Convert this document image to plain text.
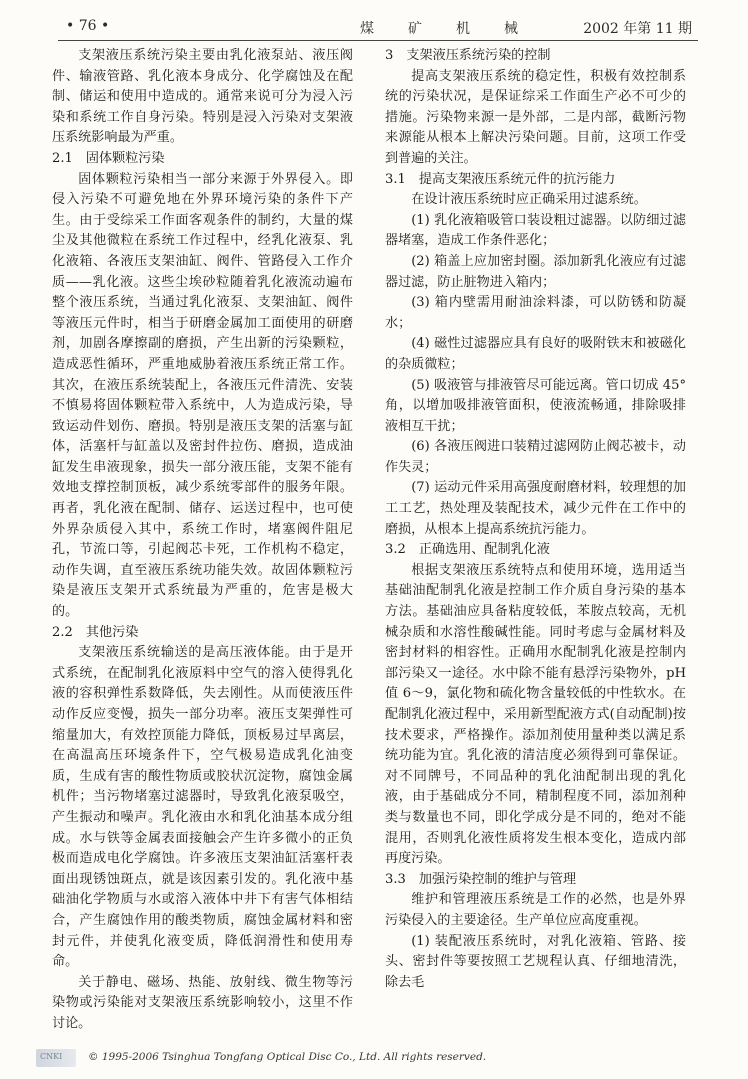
• 76 •	煤矿机械 2002 年第 11 期

支架液压系统污染主要由乳化液泵站、液压阀件、输液管路、乳化液本身成分、化学腐蚀及在配制、储运和使用中造成的。通常来说可分为浸入污染和系统工作自身污染。特别是浸入污染对支架液压系统影响最为严重。

2.1　固体颗粒污染

固体颗粒污染相当一部分来源于外界侵入。即侵入污染不可避免地在外界环境污染的条件下产生。由于受综采工作面客观条件的制约，大量的煤尘及其他微粒在系统工作过程中，经乳化液泵、乳化液箱、各液压支架油缸、阀件、管路侵入工作介质——乳化液。这些尘埃砂粒随着乳化液流动遍布整个液压系统，当通过乳化液泵、支架油缸、阀件等液压元件时，相当于研磨金属加工面使用的研磨剂，加剧各摩擦副的磨损，产生出新的污染颗粒，造成恶性循环，严重地威胁着液压系统正常工作。其次，在液压系统装配上，各液压元件清洗、安装不慎易将固体颗粒带入系统中，人为造成污染，导致运动件划伤、磨损。特别是液压支架的活塞与缸体，活塞杆与缸盖以及密封件拉伤、磨损，造成油缸发生串液现象，损失一部分液压能，支架不能有效地支撑控制顶板，减少系统零部件的服务年限。再者，乳化液在配制、储存、运送过程中，也可使外界杂质侵入其中，系统工作时，堵塞阀件阻尼孔，节流口等，引起阀芯卡死，工作机构不稳定，动作失调，直至液压系统功能失效。故固体颗粒污染是液压支架开式系统最为严重的，危害是极大的。

2.2　其他污染

支架液压系统输送的是高压液体能。由于是开式系统，在配制乳化液原料中空气的溶入使得乳化液的容积弹性系数降低，失去刚性。从而使液压件动作反应变慢，损失一部分功率。液压支架弹性可缩量加大，有效控顶能力降低，顶板易过早离层，在高温高压环境条件下，空气极易造成乳化油变质，生成有害的酸性物质或胶状沉淀物，腐蚀金属机件；当污物堵塞过滤器时，导致乳化液泵吸空，产生振动和噪声。乳化液由水和乳化油基本成分组成。水与铁等金属表面接触会产生许多微小的正负极而造成电化学腐蚀。许多液压支架油缸活塞杆表面出现锈蚀斑点，就是该因素引发的。乳化液中基础油化学物质与水或溶入液体中井下有害气体相结合，产生腐蚀作用的酸类物质，腐蚀金属材料和密封元件，并使乳化液变质，降低润滑性和使用寿命。

关于静电、磁场、热能、放射线、微生物等污染物或污染能对支架液压系统影响较小，这里不作讨论。

3　支架液压系统污染的控制

提高支架液压系统的稳定性，积极有效控制系统的污染状况，是保证综采工作面生产必不可少的措施。污染物来源一是外部，二是内部，截断污物来源能从根本上解决污染问题。目前，这项工作受到普遍的关注。

3.1　提高支架液压系统元件的抗污能力

在设计液压系统时应正确采用过滤系统。

(1) 乳化液箱吸管口装设粗过滤器。以防细过滤器堵塞，造成工作条件恶化；

(2) 箱盖上应加密封圈。添加新乳化液应有过滤器过滤，防止脏物进入箱内；

(3) 箱内壁需用耐油涂料漆，可以防锈和防凝水；

(4) 磁性过滤器应具有良好的吸附铁末和被磁化的杂质微粒；

(5) 吸液管与排液管尽可能远离。管口切成 45°角，以增加吸排液管面积，使液流畅通，排除吸排液相互干扰；

(6) 各液压阀进口装精过滤网防止阀芯被卡，动作失灵；

(7) 运动元件采用高强度耐磨材料，较理想的加工工艺，热处理及装配技术，减少元件在工作中的磨损，从根本上提高系统抗污能力。

3.2　正确选用、配制乳化液

根据支架液压系统特点和使用环境，选用适当基础油配制乳化液是控制工作介质自身污染的基本方法。基础油应具备粘度较低，苯胺点较高，无机械杂质和水溶性酸碱性能。同时考虑与金属材料及密封材料的相容性。正确用水配制乳化液是控制内部污染又一途径。水中除不能有悬浮污染物外，pH 值 6～9，氯化物和硫化物含量较低的中性软水。在配制乳化液过程中，采用新型配液方式(自动配制)按技术要求，严格操作。添加剂使用量种类以满足系统功能为宜。乳化液的清洁度必须得到可靠保证。对不同牌号，不同品种的乳化油配制出现的乳化液，由于基础成分不同，精制程度不同，添加剂种类与数量也不同，即化学成分是不同的，绝对不能混用，否则乳化液性质将发生根本变化，造成内部再度污染。

3.3　加强污染控制的维护与管理

维护和管理液压系统是工作的必然，也是外界污染侵入的主要途径。生产单位应高度重视。

(1) 装配液压系统时，对乳化液箱、管路、接头、密封件等要按照工艺规程认真、仔细地清洗，除去毛

CNKI © 1995-2006 Tsinghua Tongfang Optical Disc Co., Ltd. All rights reserved.
